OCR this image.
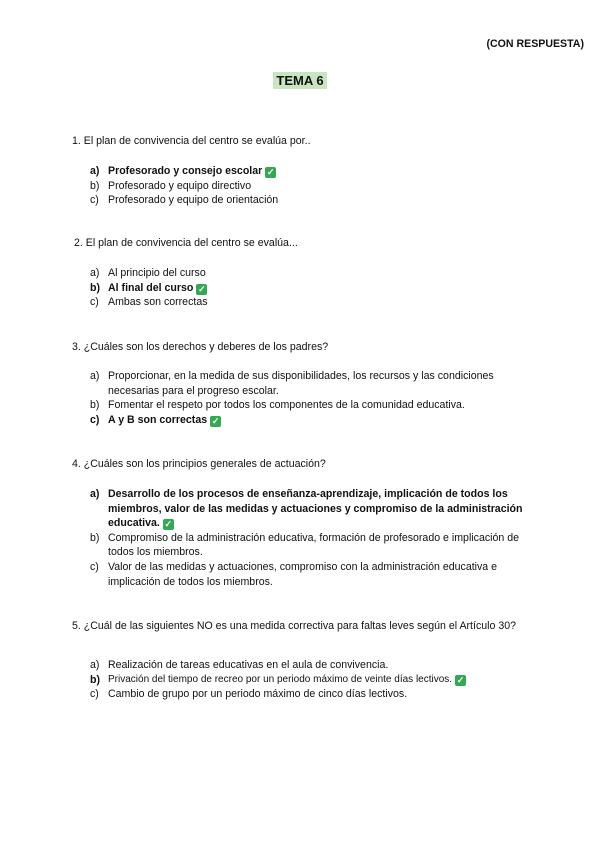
(CON RESPUESTA)
TEMA 6
1. El plan de convivencia del centro se evalúa por..
a) Profesorado y consejo escolar ✓
b) Profesorado y equipo directivo
c) Profesorado y equipo de orientación
2. El plan de convivencia del centro se evalúa...
a) Al principio del curso
b) Al final del curso ✓
c) Ambas son correctas
3. ¿Cuáles son los derechos y deberes de los padres?
a) Proporcionar, en la medida de sus disponibilidades, los recursos y las condiciones necesarias para el progreso escolar.
b) Fomentar el respeto por todos los componentes de la comunidad educativa.
c) A y B son correctas ✓
4. ¿Cuáles son los principios generales de actuación?
a) Desarrollo de los procesos de enseñanza-aprendizaje, implicación de todos los miembros, valor de las medidas y actuaciones y compromiso de la administración educativa. ✓
b) Compromiso de la administración educativa, formación de profesorado e implicación de todos los miembros.
c) Valor de las medidas y actuaciones, compromiso con la administración educativa e implicación de todos los miembros.
5. ¿Cuál de las siguientes NO es una medida correctiva para faltas leves según el Artículo 30?
a) Realización de tareas educativas en el aula de convivencia.
b) Privación del tiempo de recreo por un periodo máximo de veinte días lectivos. ✓
c) Cambio de grupo por un periodo máximo de cinco días lectivos.
